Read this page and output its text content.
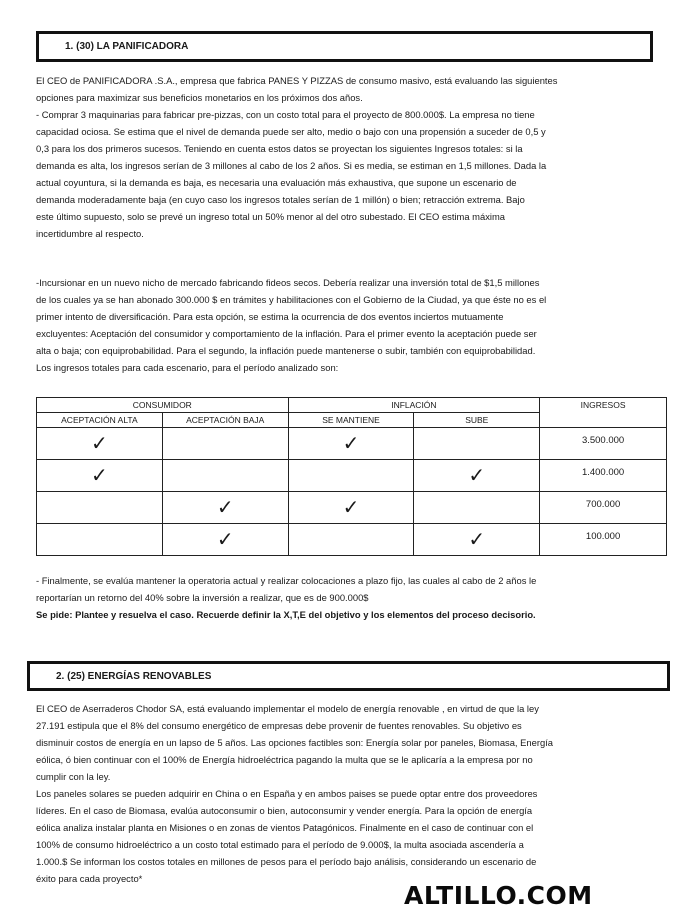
1. (30) LA PANIFICADORA
El CEO de PANIFICADORA .S.A., empresa que fabrica PANES Y PIZZAS de consumo masivo, está evaluando las siguientes
opciones para maximizar sus beneficios monetarios en los próximos dos años.
- Comprar 3 maquinarias para fabricar pre-pizzas, con un costo total para el proyecto de 800.000$. La empresa no tiene
capacidad ociosa. Se estima que el nivel de demanda puede ser alto, medio o bajo con una propensión a suceder de 0,5 y
0,3 para los dos primeros sucesos. Teniendo en cuenta estos datos se proyectan los siguientes Ingresos totales: si la
demanda es alta, los ingresos serían de 3 millones al cabo de los 2 años. Si es media, se estiman en 1,5 millones. Dada la
actual coyuntura, si la demanda es baja, es necesaria una evaluación más exhaustiva, que supone un escenario de
demanda moderadamente baja (en cuyo caso los ingresos totales serían de 1 millón) o bien; retracción extrema. Bajo
este último supuesto, solo se prevé un ingreso total un 50% menor al del otro subestado. El CEO estima máxima
incertidumbre al respecto.
-Incursionar en un nuevo nicho de mercado fabricando fideos secos. Debería realizar una inversión total de $1,5 millones
de los cuales ya se han abonado 300.000 $ en trámites y habilitaciones con el Gobierno de la Ciudad, ya que éste no es el
primer intento de diversificación. Para esta opción, se estima la ocurrencia de dos eventos inciertos mutuamente
excluyentes: Aceptación del consumidor y comportamiento de la inflación. Para el primer evento la aceptación puede ser
alta o baja; con equiprobabilidad. Para el segundo, la inflación puede mantenerse o subir, también con equiprobabilidad.
Los ingresos totales para cada escenario, para el período analizado son:
CONSUMIDOR		INFLACIÓN		INGRESOS
ACEPTACIÓN ALTA	ACEPTACIÓN BAJA	SE MANTIENE	SUBE	
✓		✓		3.500.000
✓			✓	1.400.000
	✓	✓		700.000
	✓		✓	100.000
- Finalmente, se evalúa mantener la operatoria actual y realizar colocaciones a plazo fijo, las cuales al cabo de 2 años le
reportarían un retorno del 40% sobre la inversión a realizar, que es de 900.000$
Se pide: Plantee y resuelva el caso. Recuerde definir la X,T,E del objetivo y los elementos del proceso decisorio.
2. (25) ENERGÍAS RENOVABLES
El CEO de Aserraderos Chodor SA, está evaluando implementar el modelo de energía renovable , en virtud de que la ley
27.191 estipula que el 8% del consumo energético de empresas debe provenir de fuentes renovables. Su objetivo es
disminuir costos de energía en un lapso de 5 años. Las opciones factibles son: Energía solar por paneles, Biomasa, Energía
eólica, ó bien continuar con el 100% de Energía hidroeléctrica pagando la multa que se le aplicaría a la empresa por no
cumplir con la ley.
Los paneles solares se pueden adquirir en China o en España y en ambos paises se puede optar entre dos proveedores
líderes. En el caso de Biomasa, evalúa autoconsumir o bien, autoconsumir y vender energía. Para la opción de energía
eólica analiza instalar planta en Misiones o en zonas de vientos Patagónicos. Finalmente en el caso de continuar con el
100% de consumo hidroeléctrico a un costo total estimado para el período de 9.000$, la multa asociada ascendería a
1.000.$ Se informan los costos totales en millones de pesos para el período bajo análisis, considerando un escenario de
éxito para cada proyecto*
ALTILLO.COM
